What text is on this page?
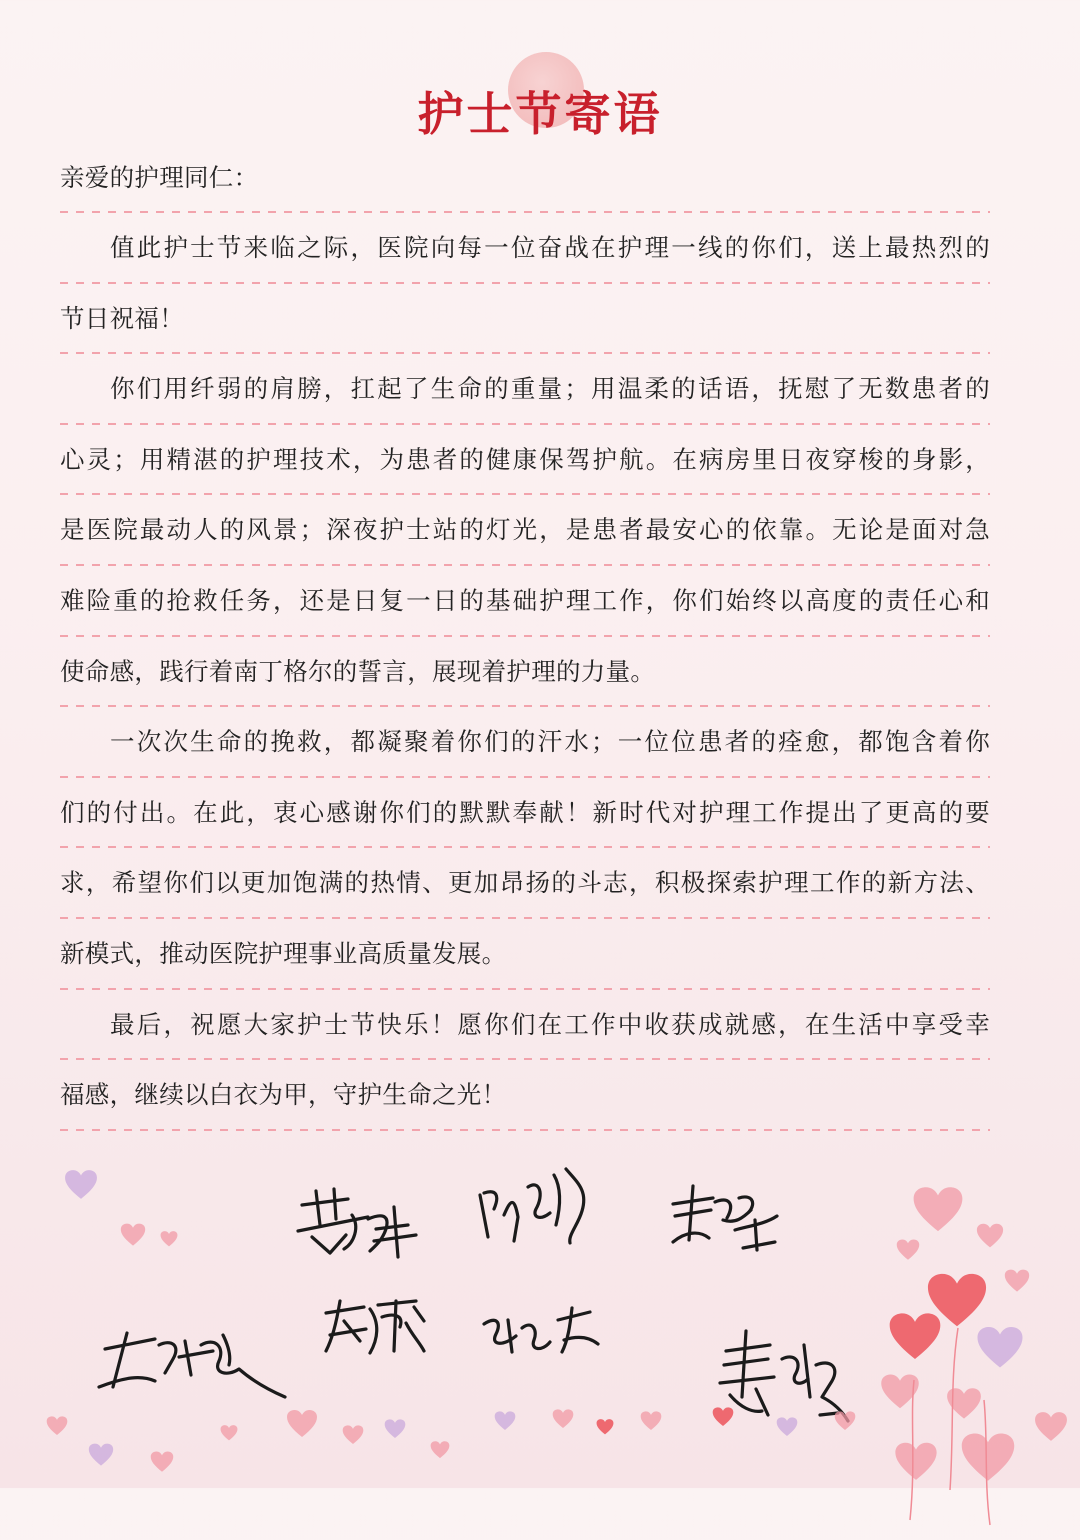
护士节寄语
亲爱的护理同仁：
值此护士节来临之际，医院向每一位奋战在护理一线的你们，送上最热烈的
节日祝福！
你们用纤弱的肩膀，扛起了生命的重量；用温柔的话语，抚慰了无数患者的
心灵；用精湛的护理技术，为患者的健康保驾护航。在病房里日夜穿梭的身影，
是医院最动人的风景；深夜护士站的灯光，是患者最安心的依靠。无论是面对急
难险重的抢救任务，还是日复一日的基础护理工作，你们始终以高度的责任心和
使命感，践行着南丁格尔的誓言，展现着护理的力量。
一次次生命的挽救，都凝聚着你们的汗水；一位位患者的痊愈，都饱含着你
们的付出。在此，衷心感谢你们的默默奉献！新时代对护理工作提出了更高的要
求，希望你们以更加饱满的热情、更加昂扬的斗志，积极探索护理工作的新方法、
新模式，推动医院护理事业高质量发展。
最后，祝愿大家护士节快乐！愿你们在工作中收获成就感，在生活中享受幸
福感，继续以白衣为甲，守护生命之光！
